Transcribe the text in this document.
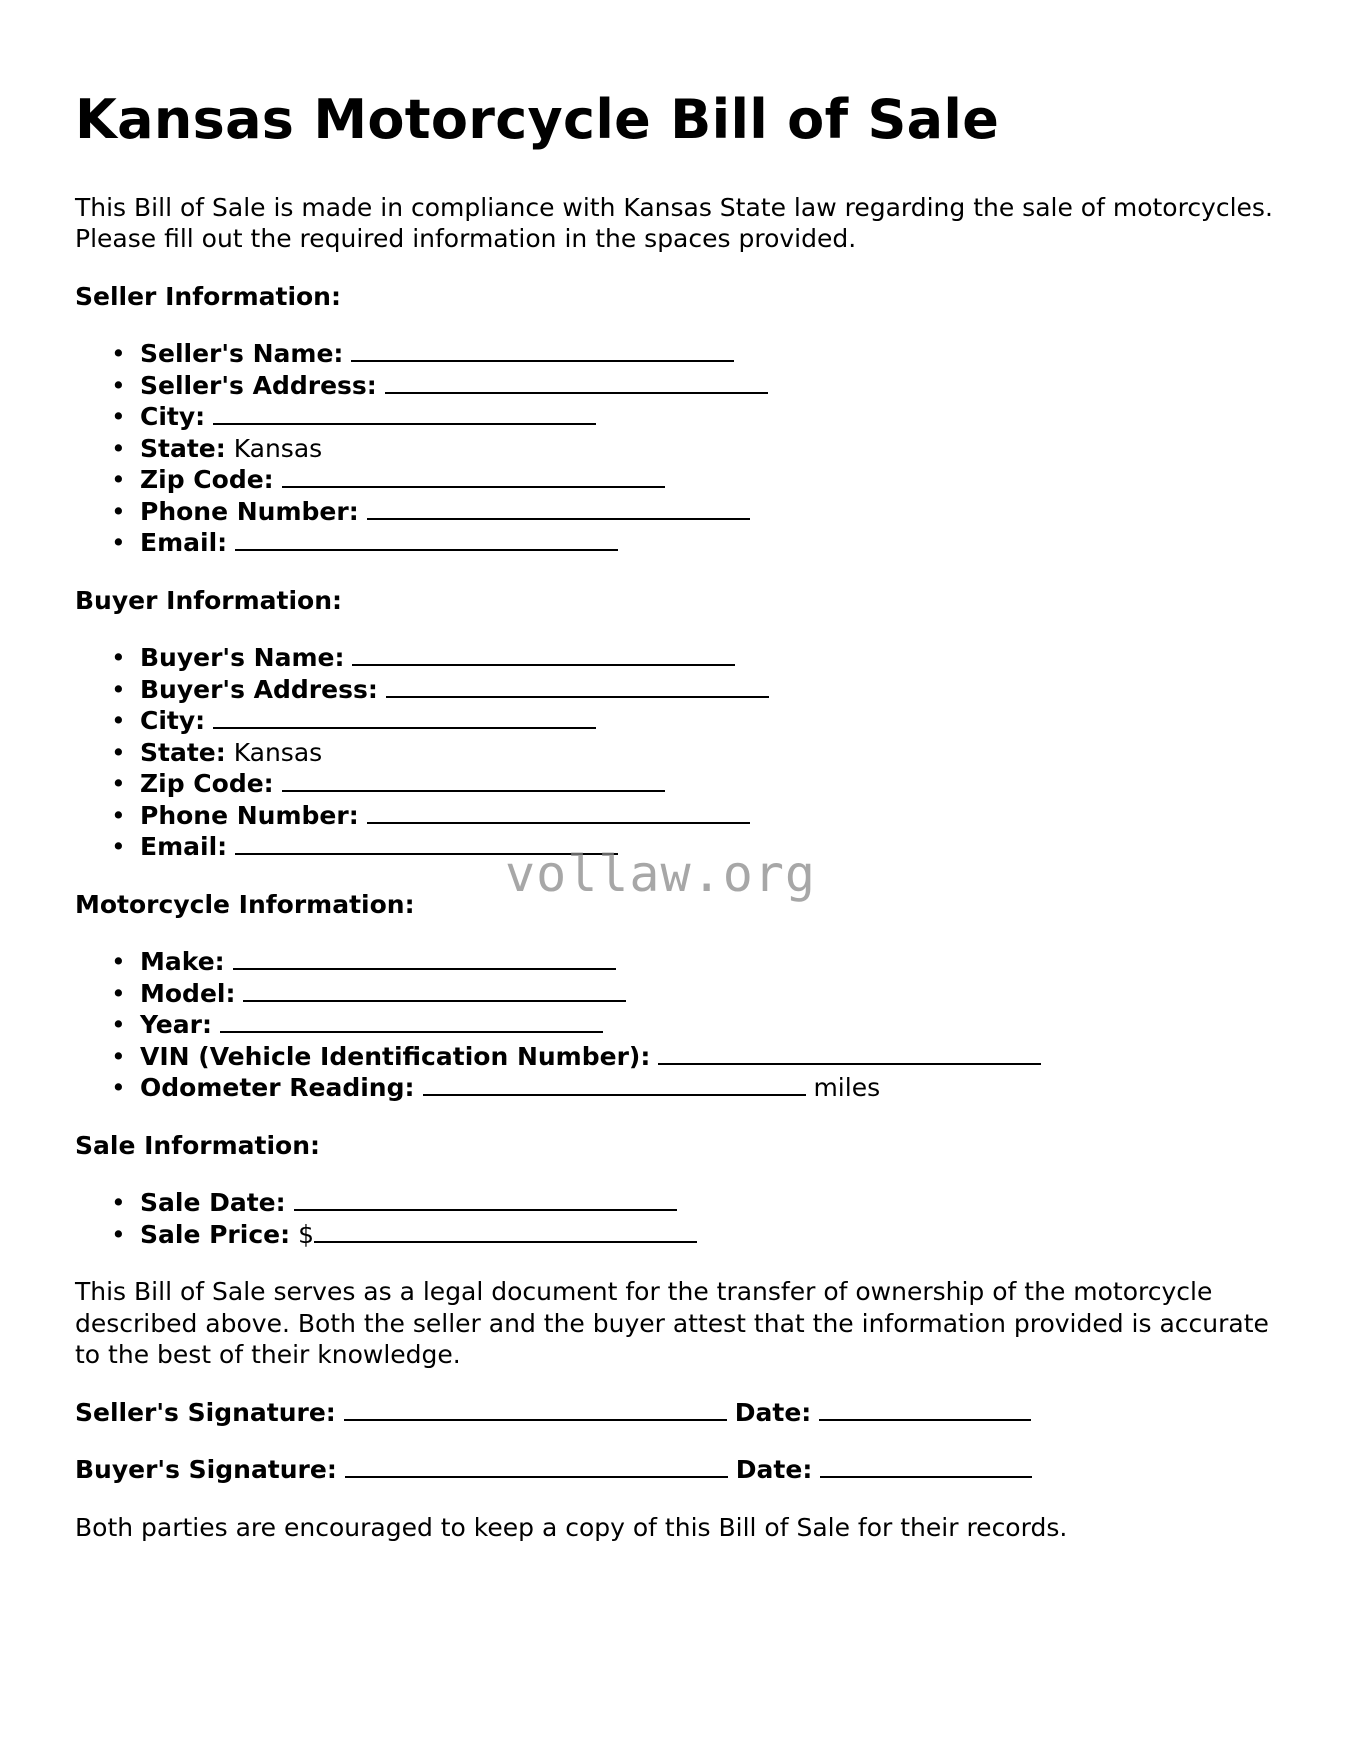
Kansas Motorcycle Bill of Sale

This Bill of Sale is made in compliance with Kansas State law regarding the sale of motorcycles. Please fill out the required information in the spaces provided.

Seller Information:
• Seller's Name:
• Seller's Address:
• City:
• State: Kansas
• Zip Code:
• Phone Number:
• Email:
Buyer Information:
• Buyer's Name:
• Buyer's Address:
• City:
• State: Kansas
• Zip Code:
• Phone Number:
• Email:
Motorcycle Information:
• Make:
• Model:
• Year:
• VIN (Vehicle Identification Number):
• Odometer Reading:	miles
Sale Information:
• Sale Date:
• Sale Price: $

This Bill of Sale serves as a legal document for the transfer of ownership of the motorcycle described above. Both the seller and the buyer attest that the information provided is accurate to the best of their knowledge.

Seller's Signature:	Date:
Buyer's Signature:	Date:

Both parties are encouraged to keep a copy of this Bill of Sale for their records.

vollaw.org
